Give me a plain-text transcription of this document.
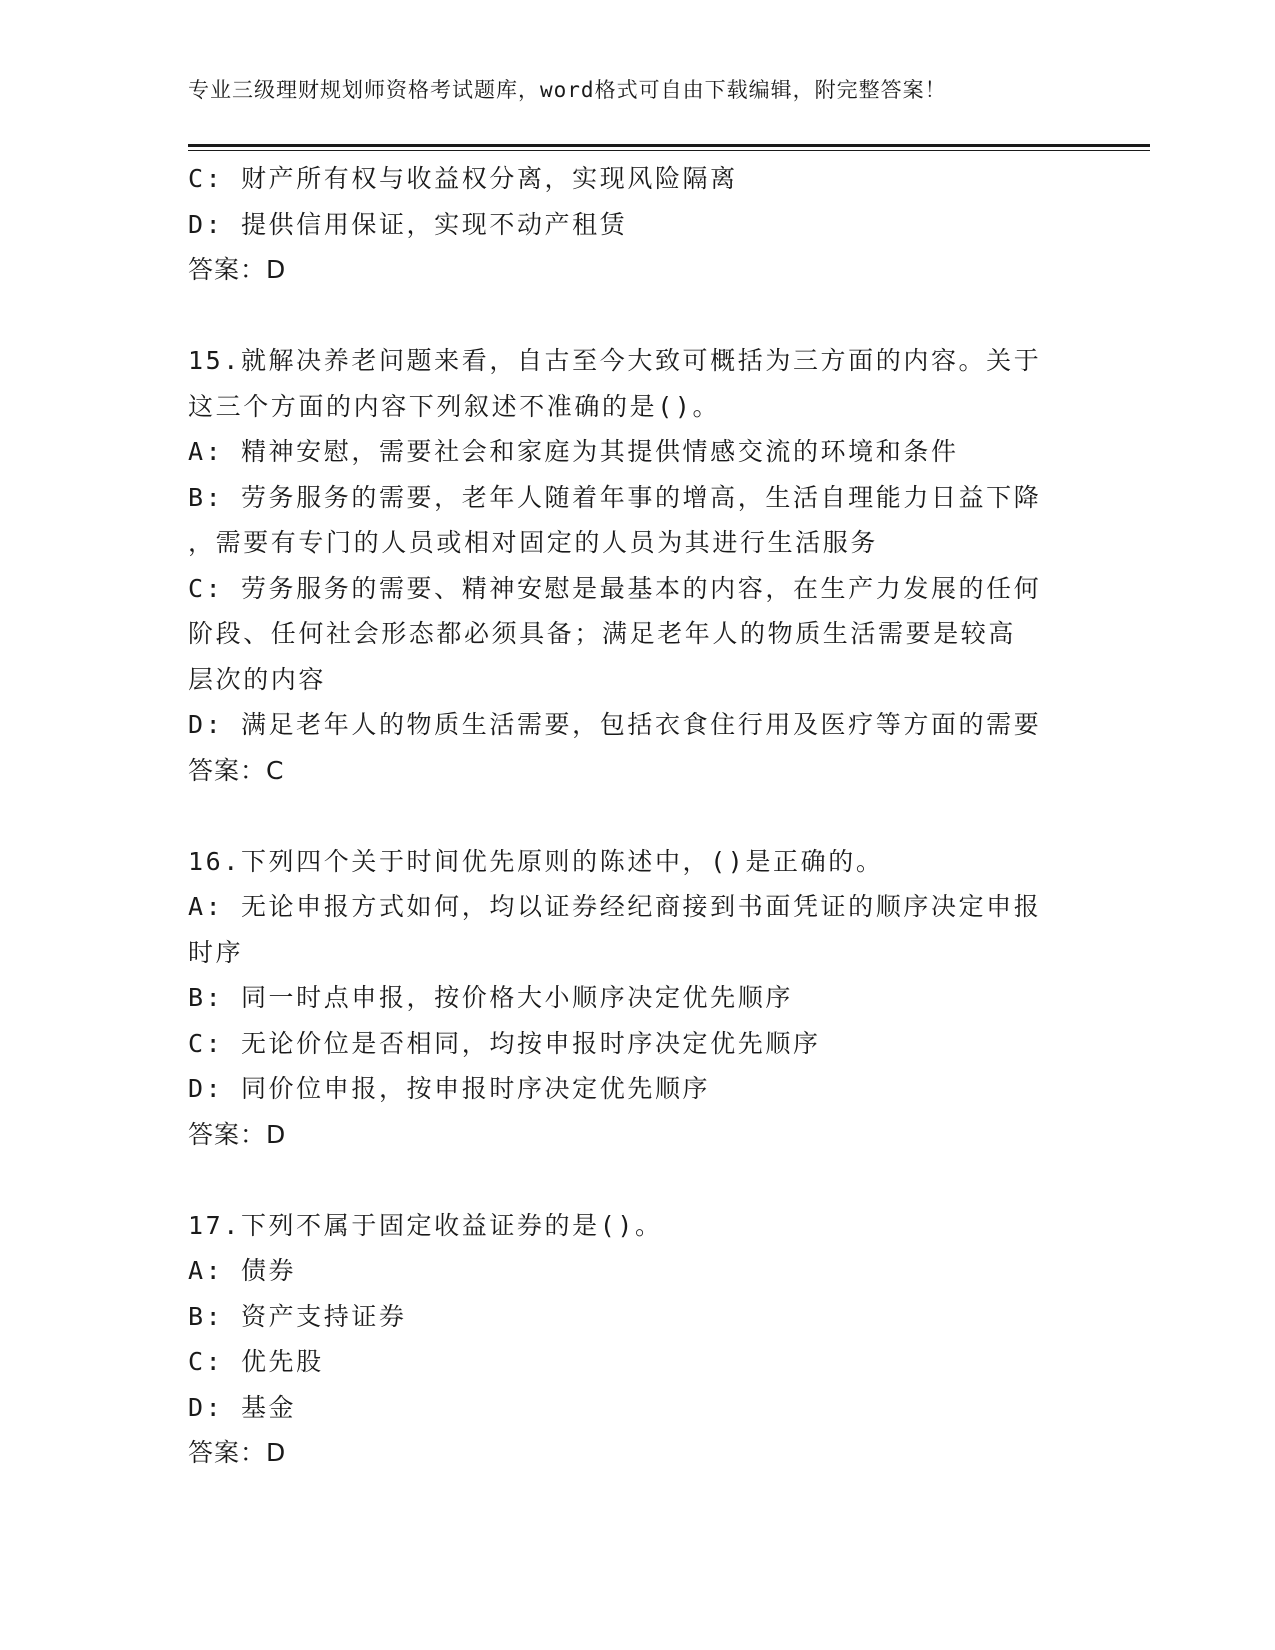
专业三级理财规划师资格考试题库，word格式可自由下载编辑，附完整答案！
C: 财产所有权与收益权分离，实现风险隔离
D: 提供信用保证，实现不动产租赁
答案：D
15.就解决养老问题来看，自古至今大致可概括为三方面的内容。关于
这三个方面的内容下列叙述不准确的是()。
A: 精神安慰，需要社会和家庭为其提供情感交流的环境和条件
B: 劳务服务的需要，老年人随着年事的增高，生活自理能力日益下降
，需要有专门的人员或相对固定的人员为其进行生活服务
C: 劳务服务的需要、精神安慰是最基本的内容，在生产力发展的任何
阶段、任何社会形态都必须具备；满足老年人的物质生活需要是较高
层次的内容
D: 满足老年人的物质生活需要，包括衣食住行用及医疗等方面的需要
答案：C
16.下列四个关于时间优先原则的陈述中，()是正确的。
A: 无论申报方式如何，均以证券经纪商接到书面凭证的顺序决定申报
时序
B: 同一时点申报，按价格大小顺序决定优先顺序
C: 无论价位是否相同，均按申报时序决定优先顺序
D: 同价位申报，按申报时序决定优先顺序
答案：D
17.下列不属于固定收益证券的是()。
A: 债券
B: 资产支持证券
C: 优先股
D: 基金
答案：D
